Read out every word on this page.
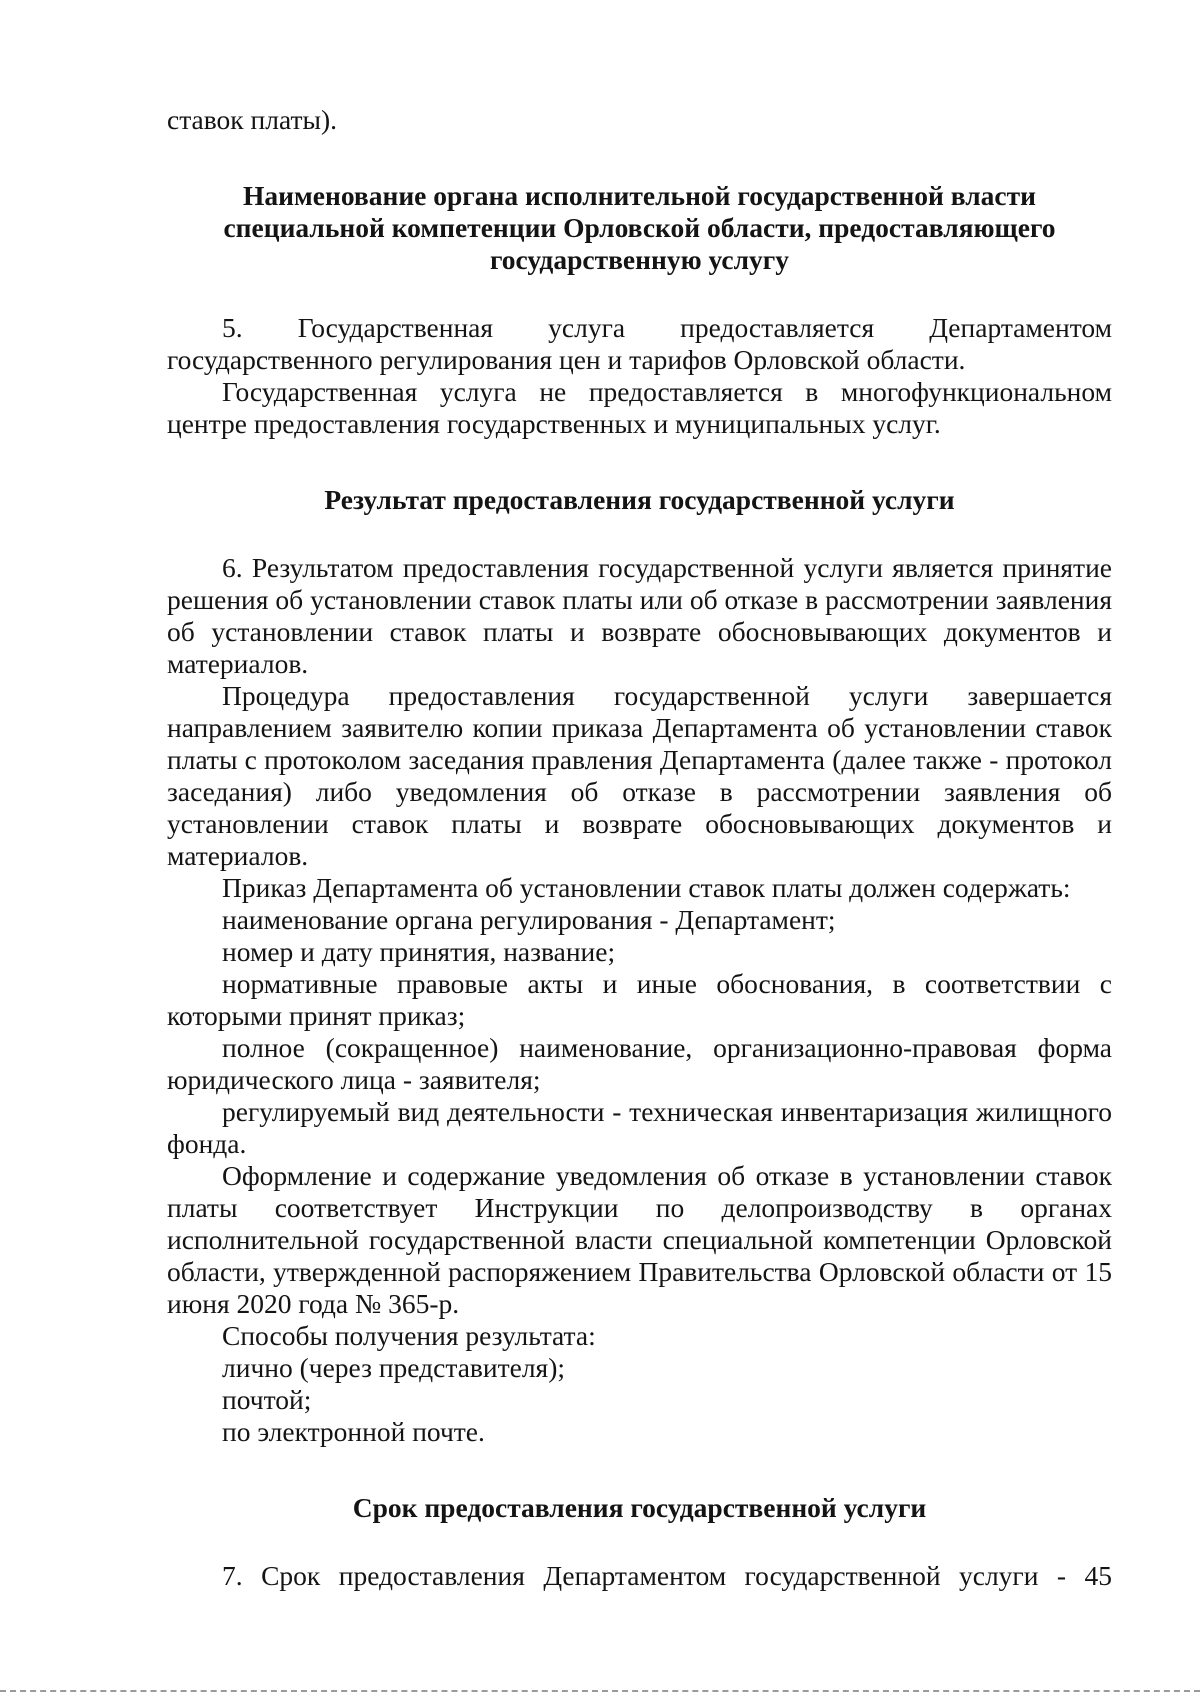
ставок платы).

Наименование органа исполнительной государственной власти

специальной компетенции Орловской области, предоставляющего

государственную услугу

5. Государственная услуга предоставляется Департаментом государственного регулирования цен и тарифов Орловской области.

Государственная услуга не предоставляется в многофункциональном центре предоставления государственных и муниципальных услуг.

Результат предоставления государственной услуги

6. Результатом предоставления государственной услуги является принятие решения об установлении ставок платы или об отказе в рассмотрении заявления об установлении ставок платы и возврате обосновывающих документов и материалов.

Процедура предоставления государственной услуги завершается направлением заявителю копии приказа Департамента об установлении ставок платы с протоколом заседания правления Департамента (далее также - протокол заседания) либо уведомления об отказе в рассмотрении заявления об установлении ставок платы и возврате обосновывающих документов и материалов.

Приказ Департамента об установлении ставок платы должен содержать:

наименование органа регулирования - Департамент;

номер и дату принятия, название;

нормативные правовые акты и иные обоснования, в соответствии с которыми принят приказ;

полное (сокращенное) наименование, организационно-правовая форма юридического лица - заявителя;

регулируемый вид деятельности - техническая инвентаризация жилищного фонда.

Оформление и содержание уведомления об отказе в установлении ставок платы соответствует Инструкции по делопроизводству в органах исполнительной государственной власти специальной компетенции Орловской области, утвержденной распоряжением Правительства Орловской области от 15 июня 2020 года № 365-р.

Способы получения результата:

лично (через представителя);

почтой;

по электронной почте.

Срок предоставления государственной услуги

7. Срок предоставления Департаментом государственной услуги - 45
